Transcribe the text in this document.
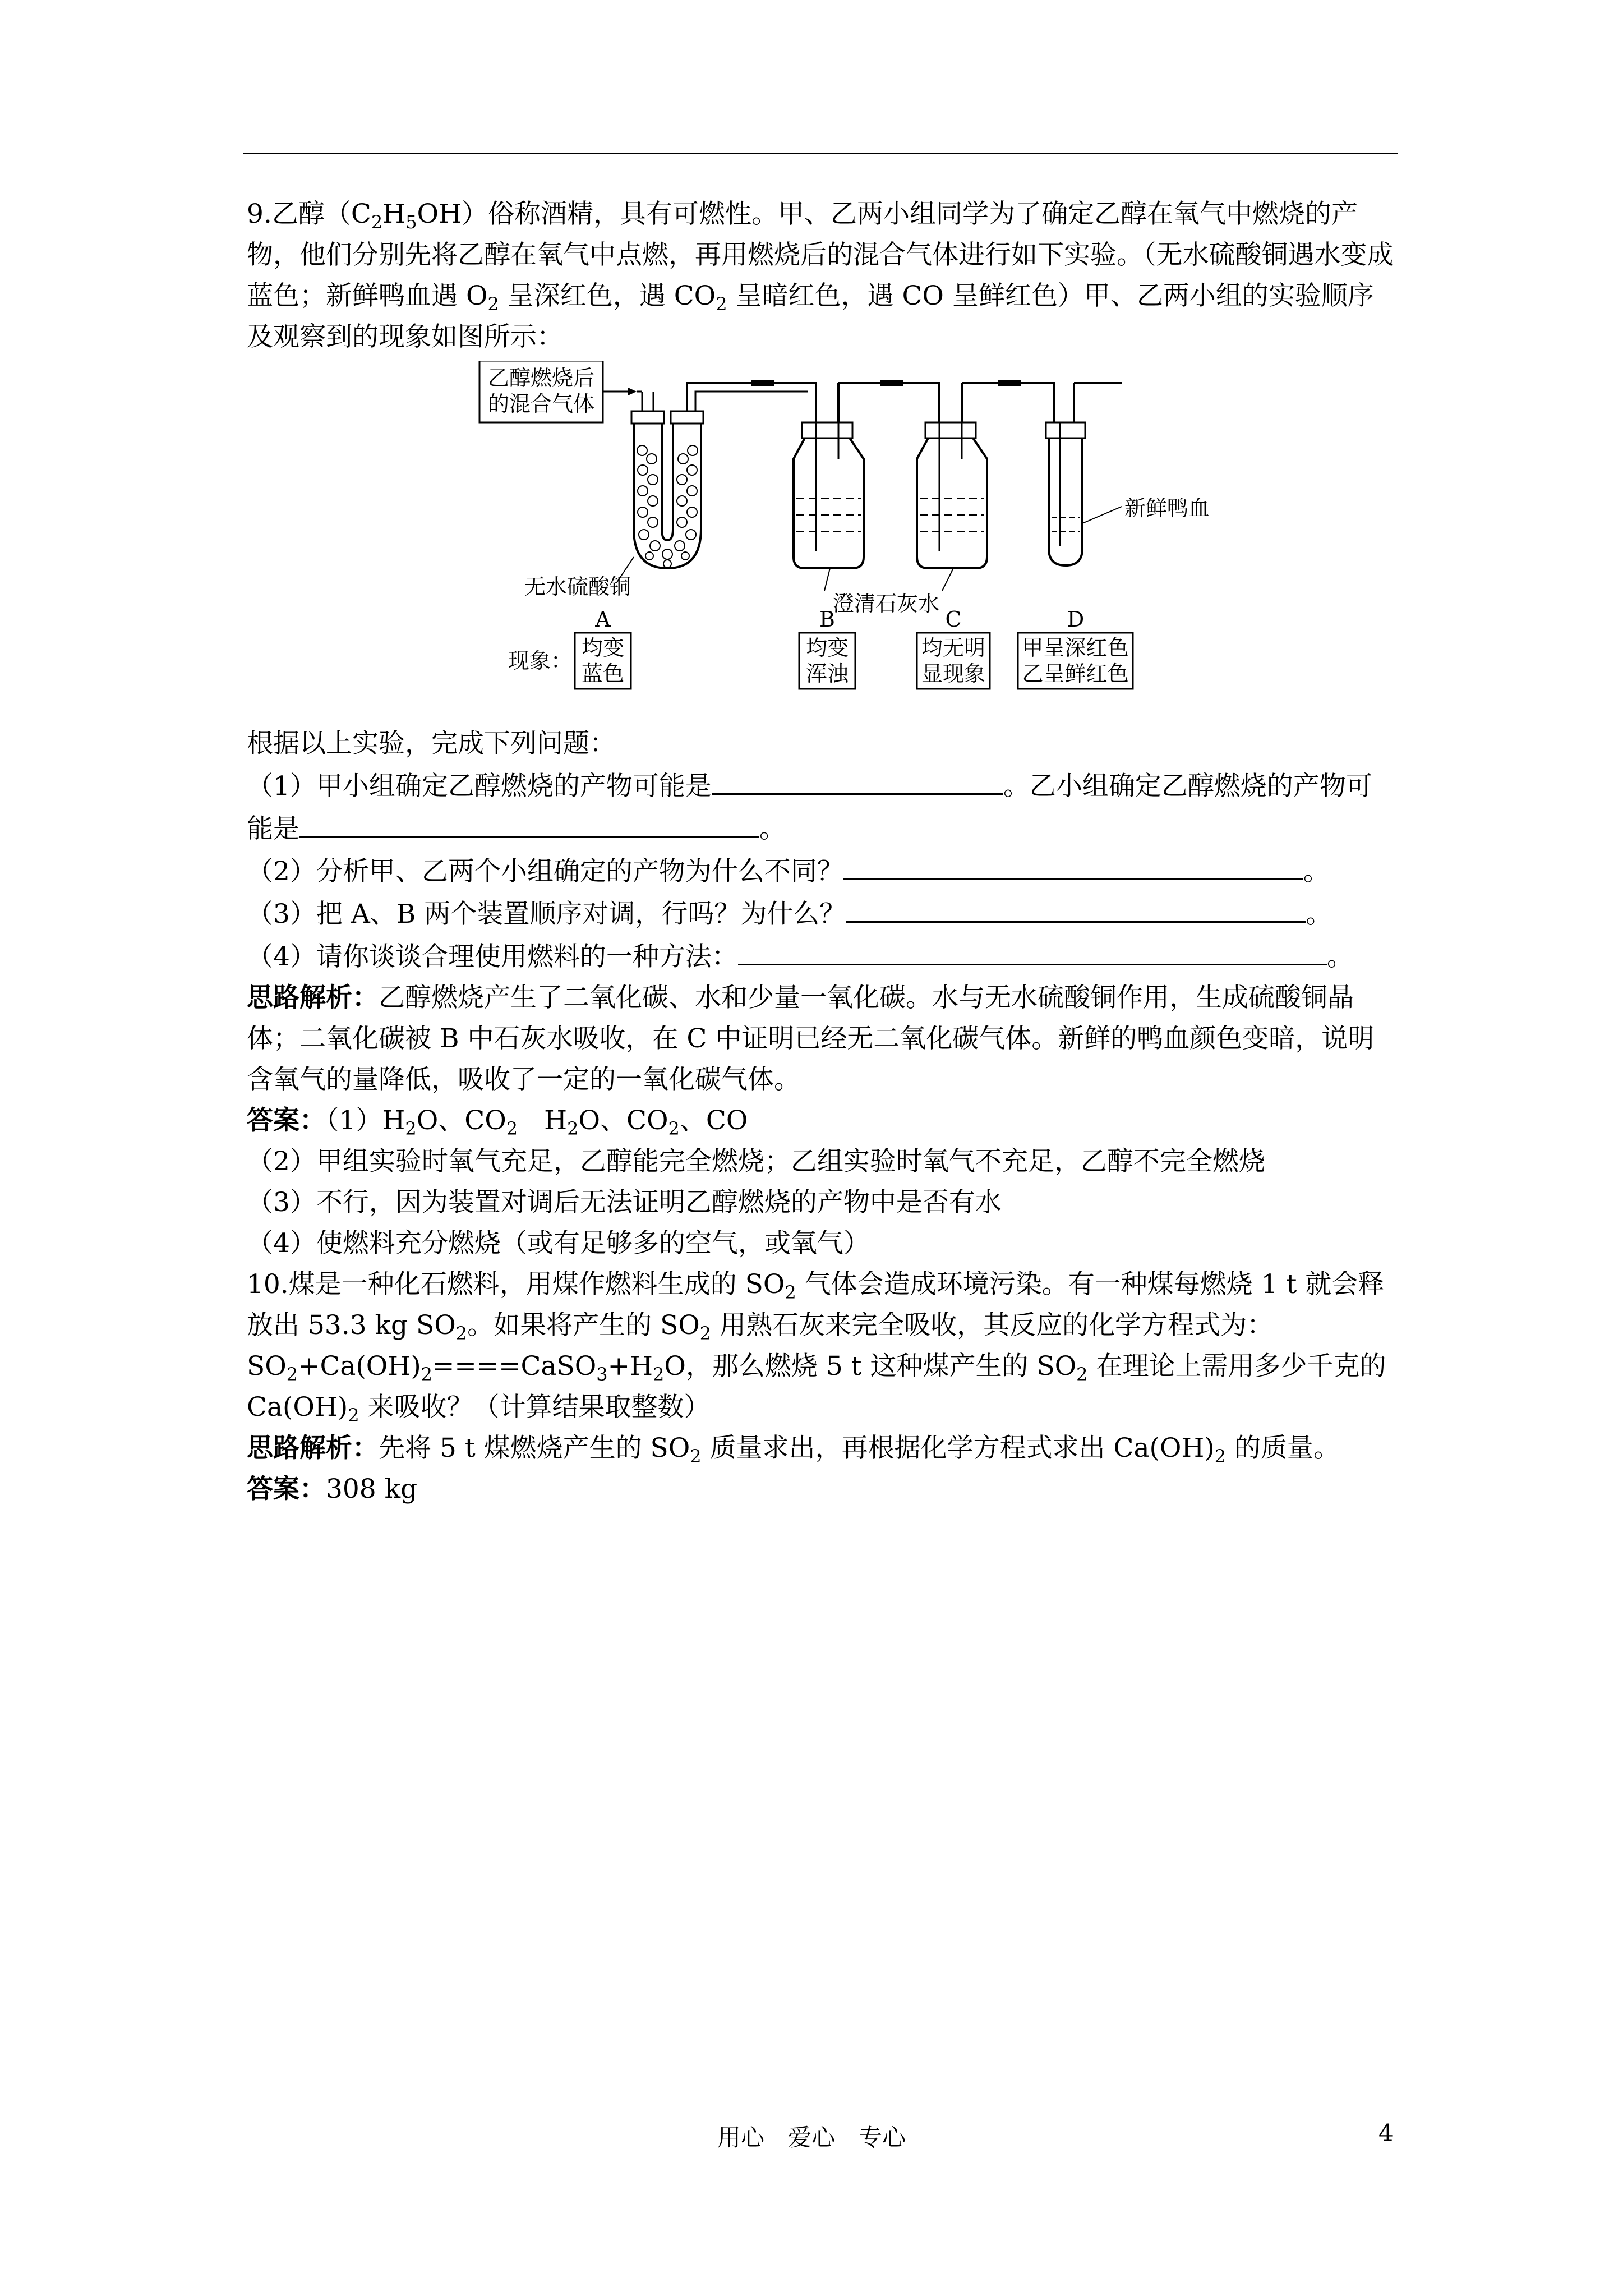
9.乙醇$(C_2H_5OH)$俗称酒精，具有可燃性。甲、乙两小组同学为了确定乙醇在氧气中燃烧的产物，他们分别先将乙醇在氧气中点燃，再用燃烧后的混合气体进行如下实验。（无水硫酸铜遇水变成蓝色；新鲜鸭血遇 $O_2$ 呈深红色，遇 $CO_2$ 呈暗红色，遇 CO 呈鲜红色）甲、乙两小组的实验顺序及观察到的现象如图所示：

乙醇燃烧后
的混合气体
无水硫酸铜
澄清石灰水
新鲜鸭血
A	B	C	D
现象：
均变
蓝色
均变
浑浊
均无明
显现象
甲呈深红色
乙呈鲜红色

根据以上实验，完成下列问题：

（1）甲小组确定乙醇燃烧的产物可能是	。乙小组确定乙醇燃烧的产物可能是	。

（2）分析甲、乙两个小组确定的产物为什么不同？	。

（3）把 A、B 两个装置顺序对调，行吗？为什么？	。

（4）请你谈谈合理使用燃料的一种方法：	。

思路解析：乙醇燃烧产生了二氧化碳、水和少量一氧化碳。水与无水硫酸铜作用，生成硫酸铜晶体；二氧化碳被 B 中石灰水吸收，在 C 中证明已经无二氧化碳气体。新鲜的鸭血颜色变暗，说明含氧气的量降低，吸收了一定的一氧化碳气体。

答案：$(1)H_2O$、$CO_2$　$H_2O$、$CO_2$、CO

（2）甲组实验时氧气充足，乙醇能完全燃烧；乙组实验时氧气不充足，乙醇不完全燃烧

（3）不行，因为装置对调后无法证明乙醇燃烧的产物中是否有水

（4）使燃料充分燃烧（或有足够多的空气，或氧气）

10.煤是一种化石燃料，用煤作燃料生成的 $SO_2$ 气体会造成环境污染。有一种煤每燃烧 1 t 就会释放出 53.3 kg $SO_2$。如果将产生的 $SO_2$ 用熟石灰来完全吸收，其反应的化学方程式为：$SO_2+Ca(OH)_2====CaSO_3+H_2O$，那么燃烧 5 t 这种煤产生的 $SO_2$ 在理论上需用多少千克的 $Ca(OH)_2$ 来吸收？（计算结果取整数）

思路解析：先将 5 t 煤燃烧产生的 $SO_2$ 质量求出，再根据化学方程式求出 $Ca(OH)_2$ 的质量。

答案：308 kg

用心　爱心　专心	4
